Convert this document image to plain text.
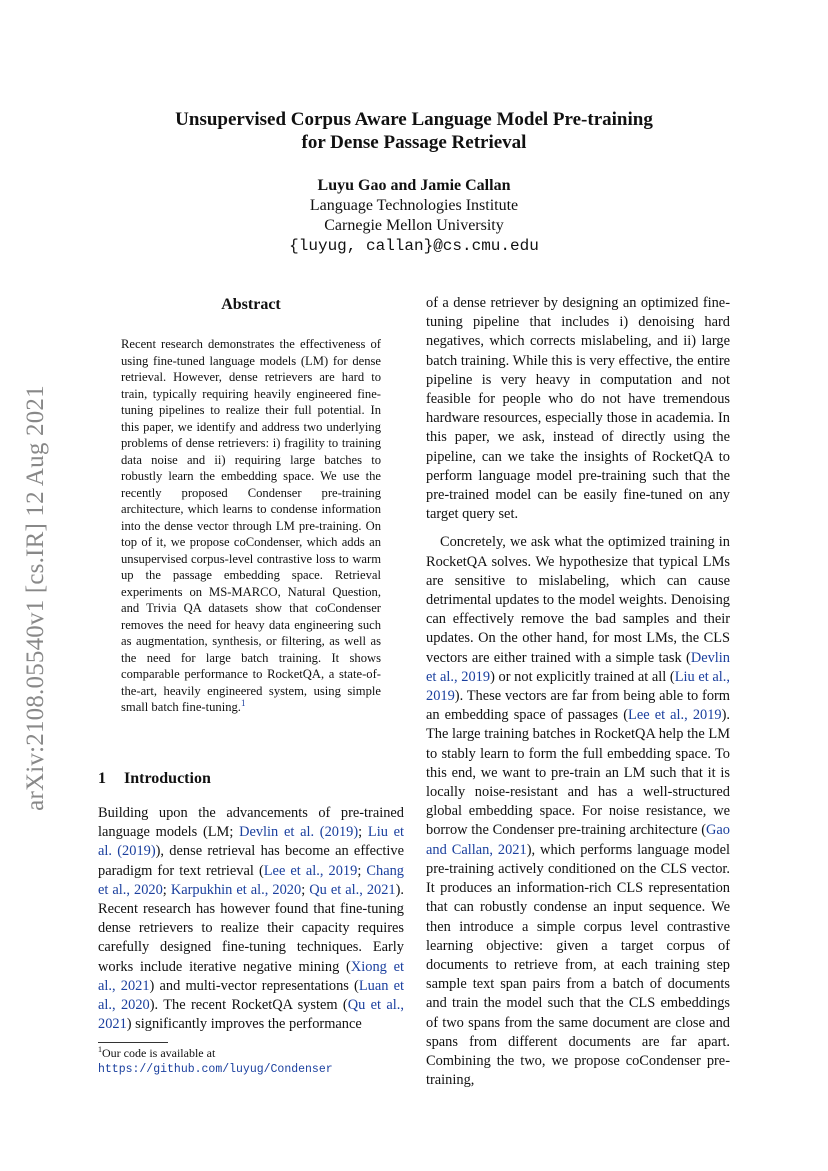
arXiv:2108.05540v1 [cs.IR] 12 Aug 2021
Unsupervised Corpus Aware Language Model Pre-training
for Dense Passage Retrieval
Luyu Gao and Jamie Callan
Language Technologies Institute
Carnegie Mellon University
{luyug, callan}@cs.cmu.edu
Abstract
Recent research demonstrates the effectiveness of using fine-tuned language models (LM) for dense retrieval. However, dense retrievers are hard to train, typically requiring heavily engineered fine-tuning pipelines to realize their full potential. In this paper, we identify and address two underlying problems of dense retrievers: i) fragility to training data noise and ii) requiring large batches to robustly learn the embedding space. We use the recently proposed Condenser pre-training architecture, which learns to condense information into the dense vector through LM pre-training. On top of it, we propose coCondenser, which adds an unsupervised corpus-level contrastive loss to warm up the passage embedding space. Retrieval experiments on MS-MARCO, Natural Question, and Trivia QA datasets show that coCondenser removes the need for heavy data engineering such as augmentation, synthesis, or filtering, as well as the need for large batch training. It shows comparable performance to RocketQA, a state-of-the-art, heavily engineered system, using simple small batch fine-tuning.$^1$
1 Introduction
Building upon the advancements of pre-trained language models (LM; Devlin et al. (2019); Liu et al. (2019)), dense retrieval has become an effective paradigm for text retrieval (Lee et al., 2019; Chang et al., 2020; Karpukhin et al., 2020; Qu et al., 2021). Recent research has however found that fine-tuning dense retrievers to realize their capacity requires carefully designed fine-tuning techniques. Early works include iterative negative mining (Xiong et al., 2021) and multi-vector representations (Luan et al., 2020). The recent RocketQA system (Qu et al., 2021) significantly improves the performance

of a dense retriever by designing an optimized fine-tuning pipeline that includes i) denoising hard negatives, which corrects mislabeling, and ii) large batch training. While this is very effective, the entire pipeline is very heavy in computation and not feasible for people who do not have tremendous hardware resources, especially those in academia. In this paper, we ask, instead of directly using the pipeline, can we take the insights of RocketQA to perform language model pre-training such that the pre-trained model can be easily fine-tuned on any target query set.

Concretely, we ask what the optimized training in RocketQA solves. We hypothesize that typical LMs are sensitive to mislabeling, which can cause detrimental updates to the model weights. Denoising can effectively remove the bad samples and their updates. On the other hand, for most LMs, the CLS vectors are either trained with a simple task (Devlin et al., 2019) or not explicitly trained at all (Liu et al., 2019). These vectors are far from being able to form an embedding space of passages (Lee et al., 2019). The large training batches in RocketQA help the LM to stably learn to form the full embedding space. To this end, we want to pre-train an LM such that it is locally noise-resistant and has a well-structured global embedding space. For noise resistance, we borrow the Condenser pre-training architecture (Gao and Callan, 2021), which performs language model pre-training actively conditioned on the CLS vector. It produces an information-rich CLS representation that can robustly condense an input sequence. We then introduce a simple corpus level contrastive learning objective: given a target corpus of documents to retrieve from, at each training step sample text span pairs from a batch of documents and train the model such that the CLS embeddings of two spans from the same document are close and spans from different documents are far apart. Combining the two, we propose coCondenser pre-training,

$^1$Our code is available at https://github.com/luyug/Condenser
